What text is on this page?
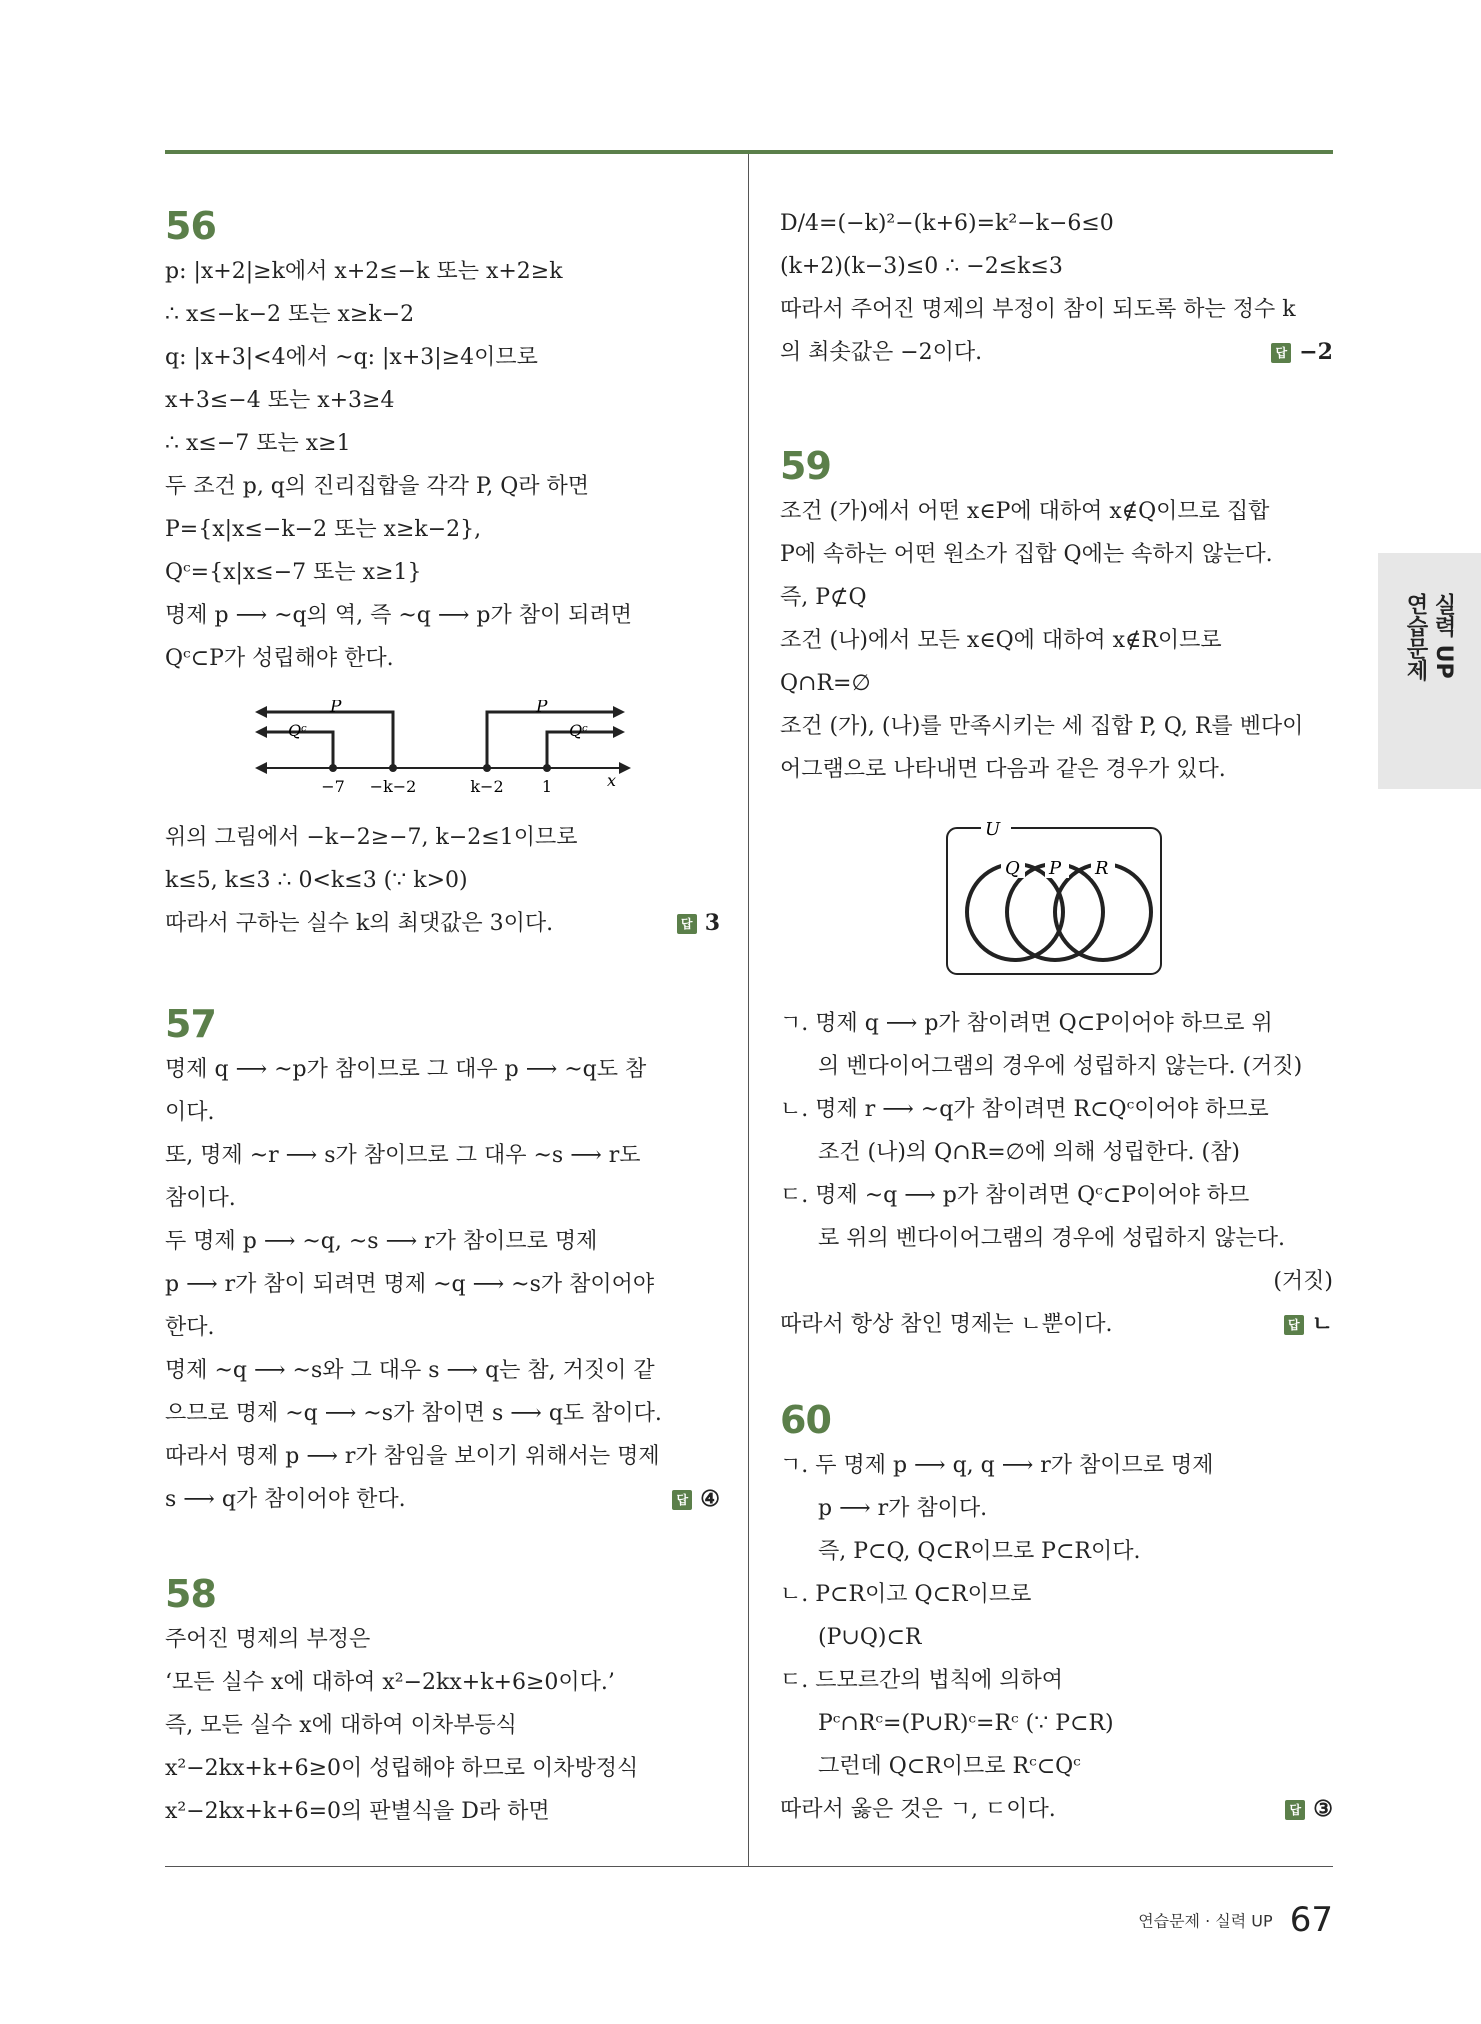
56
p: |x+2|≥k에서 x+2≤−k 또는 x+2≥k
∴ x≤−k−2 또는 x≥k−2
q: |x+3|<4에서 ~q: |x+3|≥4이므로
x+3≤−4 또는 x+3≥4
∴ x≤−7 또는 x≥1
두 조건 p, q의 진리집합을 각각 P, Q라 하면
P={x|x≤−k−2 또는 x≥k−2},
Qᶜ={x|x≤−7 또는 x≥1}
명제 p ⟶ ~q의 역, 즉 ~q ⟶ p가 참이 되려면
Qᶜ⊂P가 성립해야 한다.
P
Qᶜ
P
Qᶜ
x
−7 −k−2	k−2 1
위의 그림에서 −k−2≥−7, k−2≤1이므로
k≤5, k≤3 ∴ 0<k≤3 (∵ k>0)
따라서 구하는 실수 k의 최댓값은 3이다.	답 3
57
명제 q ⟶ ~p가 참이므로 그 대우 p ⟶ ~q도 참
이다.
또, 명제 ~r ⟶ s가 참이므로 그 대우 ~s ⟶ r도
참이다.
두 명제 p ⟶ ~q, ~s ⟶ r가 참이므로 명제
p ⟶ r가 참이 되려면 명제 ~q ⟶ ~s가 참이어야
한다.
명제 ~q ⟶ ~s와 그 대우 s ⟶ q는 참, 거짓이 같
으므로 명제 ~q ⟶ ~s가 참이면 s ⟶ q도 참이다.
따라서 명제 p ⟶ r가 참임을 보이기 위해서는 명제
s ⟶ q가 참이어야 한다.	답 ④
58
주어진 명제의 부정은
‘모든 실수 x에 대하여 x²−2kx+k+6≥0이다.’
즉, 모든 실수 x에 대하여 이차부등식
x²−2kx+k+6≥0이 성립해야 하므로 이차방정식
x²−2kx+k+6=0의 판별식을 D라 하면
D/4=(−k)²−(k+6)=k²−k−6≤0
(k+2)(k−3)≤0 ∴ −2≤k≤3
따라서 주어진 명제의 부정이 참이 되도록 하는 정수 k
의 최솟값은 −2이다.	답 −2
59
조건 (가)에서 어떤 x∈P에 대하여 x∉Q이므로 집합
P에 속하는 어떤 원소가 집합 Q에는 속하지 않는다.
즉, P⊄Q
조건 (나)에서 모든 x∈Q에 대하여 x∉R이므로
Q∩R=∅
조건 (가), (나)를 만족시키는 세 집합 P, Q, R를 벤다이
어그램으로 나타내면 다음과 같은 경우가 있다.
U
Q P R
ㄱ. 명제 q ⟶ p가 참이려면 Q⊂P이어야 하므로 위
의 벤다이어그램의 경우에 성립하지 않는다. (거짓)
ㄴ. 명제 r ⟶ ~q가 참이려면 R⊂Qᶜ이어야 하므로
조건 (나)의 Q∩R=∅에 의해 성립한다. (참)
ㄷ. 명제 ~q ⟶ p가 참이려면 Qᶜ⊂P이어야 하므
로 위의 벤다이어그램의 경우에 성립하지 않는다.
(거짓)
따라서 항상 참인 명제는 ㄴ뿐이다.	답 ㄴ
60
ㄱ. 두 명제 p ⟶ q, q ⟶ r가 참이므로 명제
p ⟶ r가 참이다.
즉, P⊂Q, Q⊂R이므로 P⊂R이다.
ㄴ. P⊂R이고 Q⊂R이므로
(P∪Q)⊂R
ㄷ. 드모르간의 법칙에 의하여
Pᶜ∩Rᶜ=(P∪R)ᶜ=Rᶜ (∵ P⊂R)
그런데 Q⊂R이므로 Rᶜ⊂Qᶜ
따라서 옳은 것은 ㄱ, ㄷ이다.	답 ③
실력 UP
연습문제
연습문제 · 실력 UP 67
